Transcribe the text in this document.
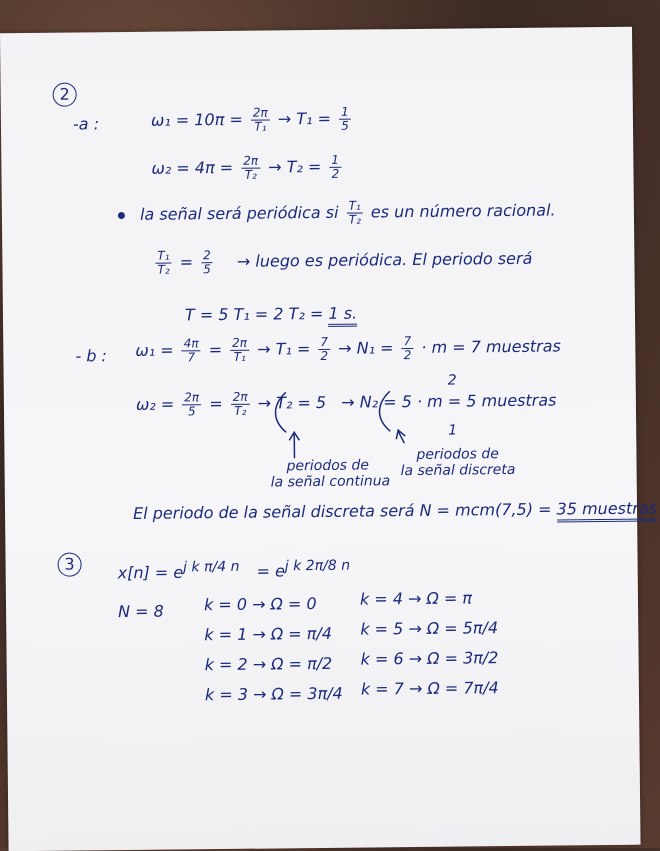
2
-a :	$\omega_1 = 10\pi = \frac{2\pi}{\text{T₁}} \to T_1 = \frac{1}{5}$
$\omega_2 = 4\pi = \frac{2\pi}{\text{T₂}} \to T_2 = \frac{1}{2}$
la señal será periódica si $\frac{\text{T₁}}{\text{T₂}}$ es un número racional.
$\frac{\text{T₁}}{\text{T₂}} = \frac{2}{5}$ → luego es periódica. El periodo será
T = 5 T₁ = 2 T₂ = 1 s.
- b : $\omega_1 = \frac{4\pi}{7} = \frac{2\pi}{\text{T₁}} \to T_1 = \frac{7}{2} \to N_1 = \frac{7}{2} \cdot m = 7$ muestras
2
$\omega_2 = \frac{2\pi}{5} = \frac{2\pi}{\text{T₂}} \to T_2 = 5 \to N_2 = 5 \cdot m = 5$ muestras
1
periodos de
la señal continua
periodos de
la señal discreta
El periodo de la señal discreta será N = mcm(7,5) = 35 muestras
3	$x[n] = e^{j k \pi/4 n} = e^{j k 2\pi/8 n}$
N = 8	k = 0 → Ω = 0
k = 1 → Ω = π/4
k = 2 → Ω = π/2
k = 3 → Ω = 3π/4
k = 4 → Ω = π
k = 5 → Ω = 5π/4
k = 6 → Ω = 3π/2
k = 7 → Ω = 7π/4
